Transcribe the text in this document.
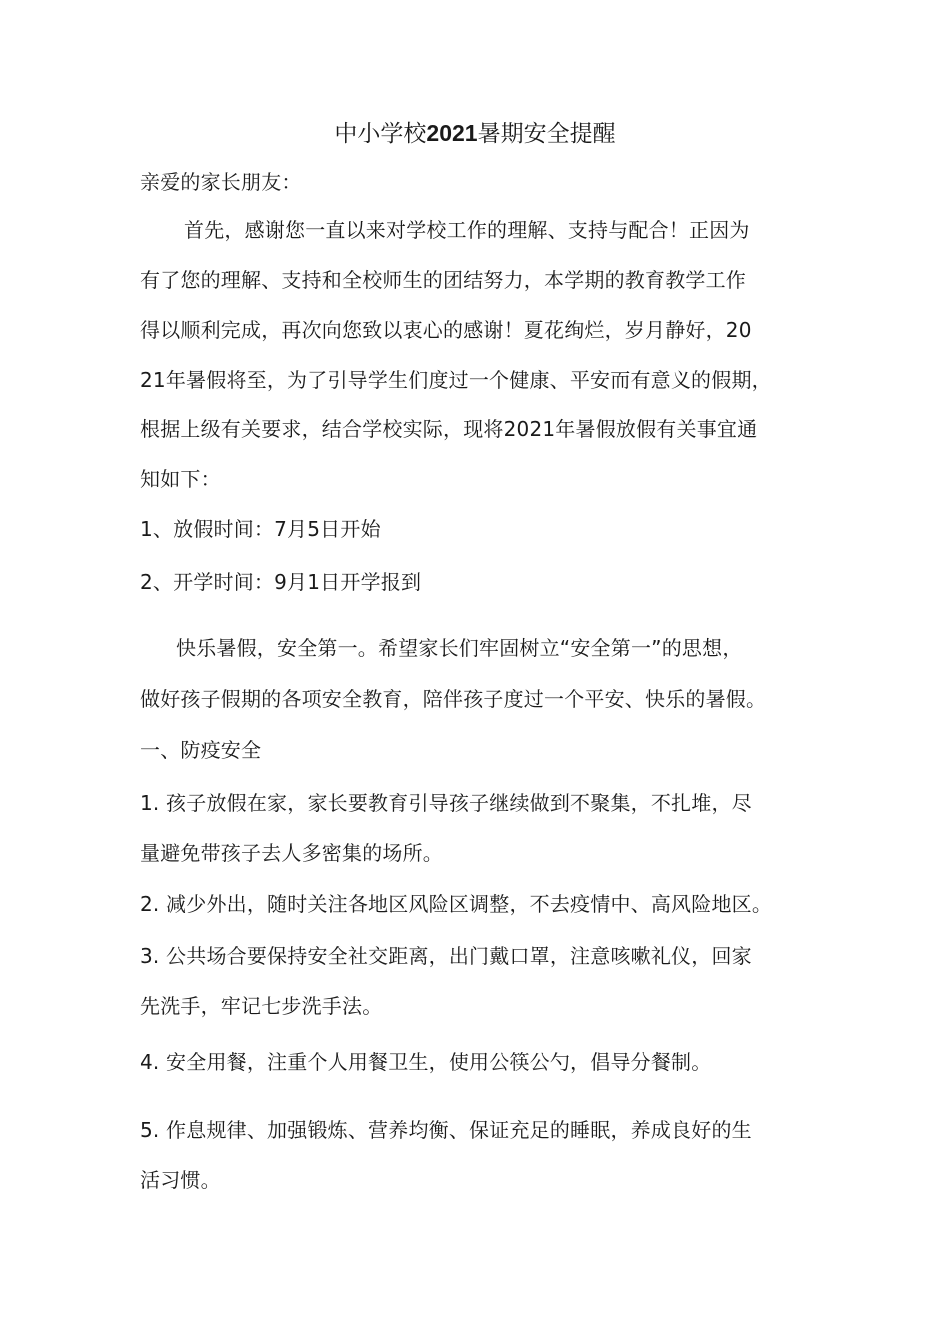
中小学校2021暑期安全提醒
亲爱的家长朋友：
首先，感谢您一直以来对学校工作的理解、支持与配合！正因为
有了您的理解、支持和全校师生的团结努力，本学期的教育教学工作
得以顺利完成，再次向您致以衷心的感谢！夏花绚烂，岁月静好，20
21年暑假将至，为了引导学生们度过一个健康、平安而有意义的假期，
根据上级有关要求，结合学校实际，现将2021年暑假放假有关事宜通
知如下：
1、放假时间：7月5日开始
2、开学时间：9月1日开学报到
快乐暑假，安全第一。希望家长们牢固树立“安全第一”的思想，
做好孩子假期的各项安全教育，陪伴孩子度过一个平安、快乐的暑假。
一、防疫安全
1. 孩子放假在家，家长要教育引导孩子继续做到不聚集，不扎堆，尽
量避免带孩子去人多密集的场所。
2. 减少外出，随时关注各地区风险区调整，不去疫情中、高风险地区。
3. 公共场合要保持安全社交距离，出门戴口罩，注意咳嗽礼仪，回家
先洗手，牢记七步洗手法。
4. 安全用餐，注重个人用餐卫生，使用公筷公勺，倡导分餐制。
5. 作息规律、加强锻炼、营养均衡、保证充足的睡眠，养成良好的生
活习惯。
